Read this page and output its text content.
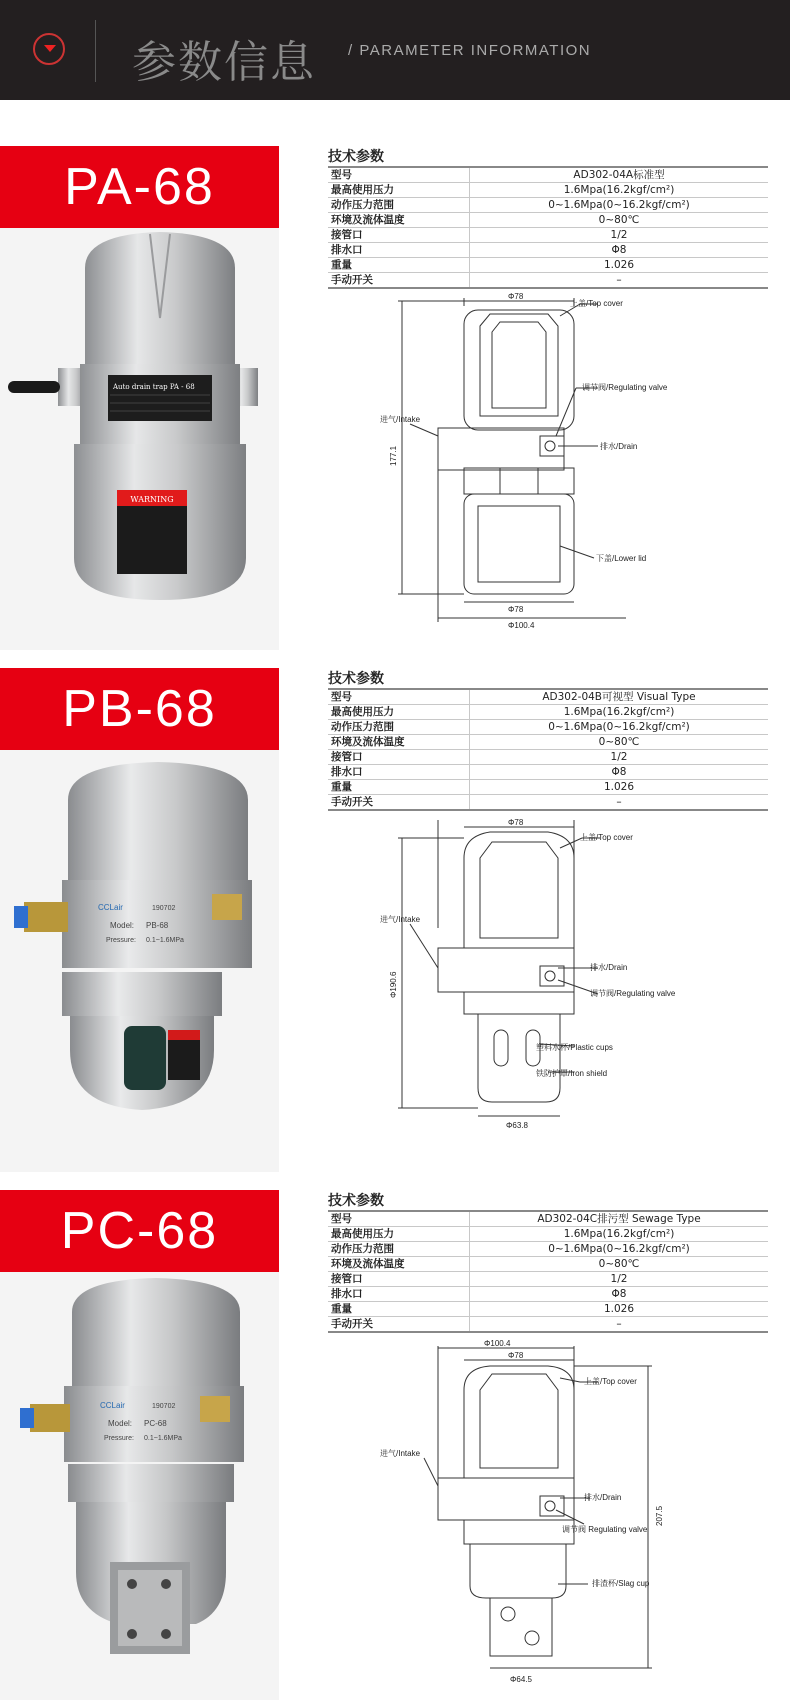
参数信息 / PARAMETER INFORMATION
PA-68
Auto drain trap PA - 68
WARNING
技术参数
型号	AD302-04A标准型
最高使用压力	1.6Mpa(16.2kgf/cm²)
动作压力范围	0~1.6Mpa(0~16.2kgf/cm²)
环境及流体温度	0~80℃
接管口	1/2
排水口	Φ8
重量	1.026
手动开关	–
Φ78
Φ78
Φ100.4
177.1
上盖/Top cover
调节阀/Regulating valve
进气/Intake
排水/Drain
下盖/Lower lid
PB-68
CCLair	190702
Model: PB-68
Pressure: 0.1~1.6MPa
技术参数
型号	AD302-04B可视型 Visual Type
最高使用压力	1.6Mpa(16.2kgf/cm²)
动作压力范围	0~1.6Mpa(0~16.2kgf/cm²)
环境及流体温度	0~80℃
接管口	1/2
排水口	Φ8
重量	1.026
手动开关	–
Φ78
Φ63.8
Φ190.6
上盖/Top cover
进气/Intake
排水/Drain
调节阀/Regulating valve
塑料水杯/Plastic cups
铁防护罩/Iron shield
PC-68
CCLair	190702
Model: PC-68
Pressure: 0.1~1.6MPa
技术参数
型号	AD302-04C排污型 Sewage Type
最高使用压力	1.6Mpa(16.2kgf/cm²)
动作压力范围	0~1.6Mpa(0~16.2kgf/cm²)
环境及流体温度	0~80℃
接管口	1/2
排水口	Φ8
重量	1.026
手动开关	–
Φ100.4
Φ78
Φ64.5
207.5
上盖/Top cover
进气/Intake
排水/Drain
调节阀 Regulating valve
排渣杯/Slag cup
